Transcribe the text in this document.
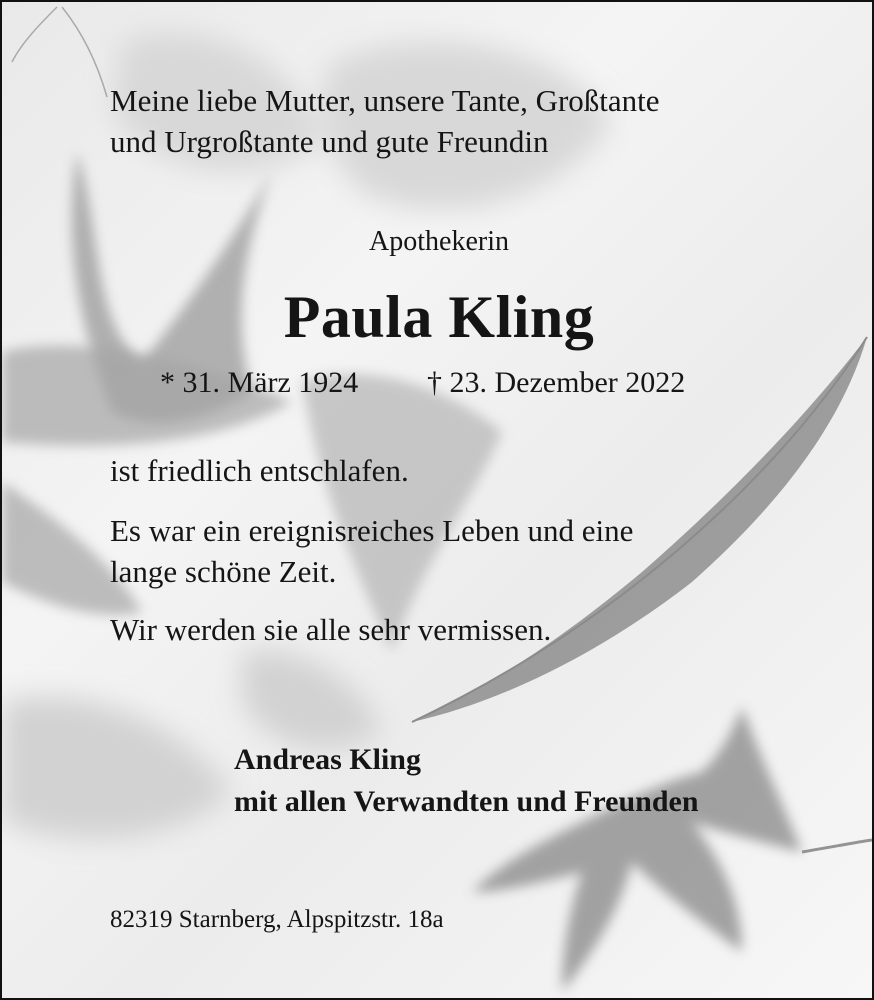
Meine liebe Mutter, unsere Tante, Großtante
und Urgroßtante und gute Freundin

Apothekerin

Paula Kling

* 31. März 1924 † 23. Dezember 2022

ist friedlich entschlafen.

Es war ein ereignisreiches Leben und eine
lange schöne Zeit.

Wir werden sie alle sehr vermissen.

Andreas Kling
mit allen Verwandten und Freunden

82319 Starnberg, Alpspitzstr. 18a
